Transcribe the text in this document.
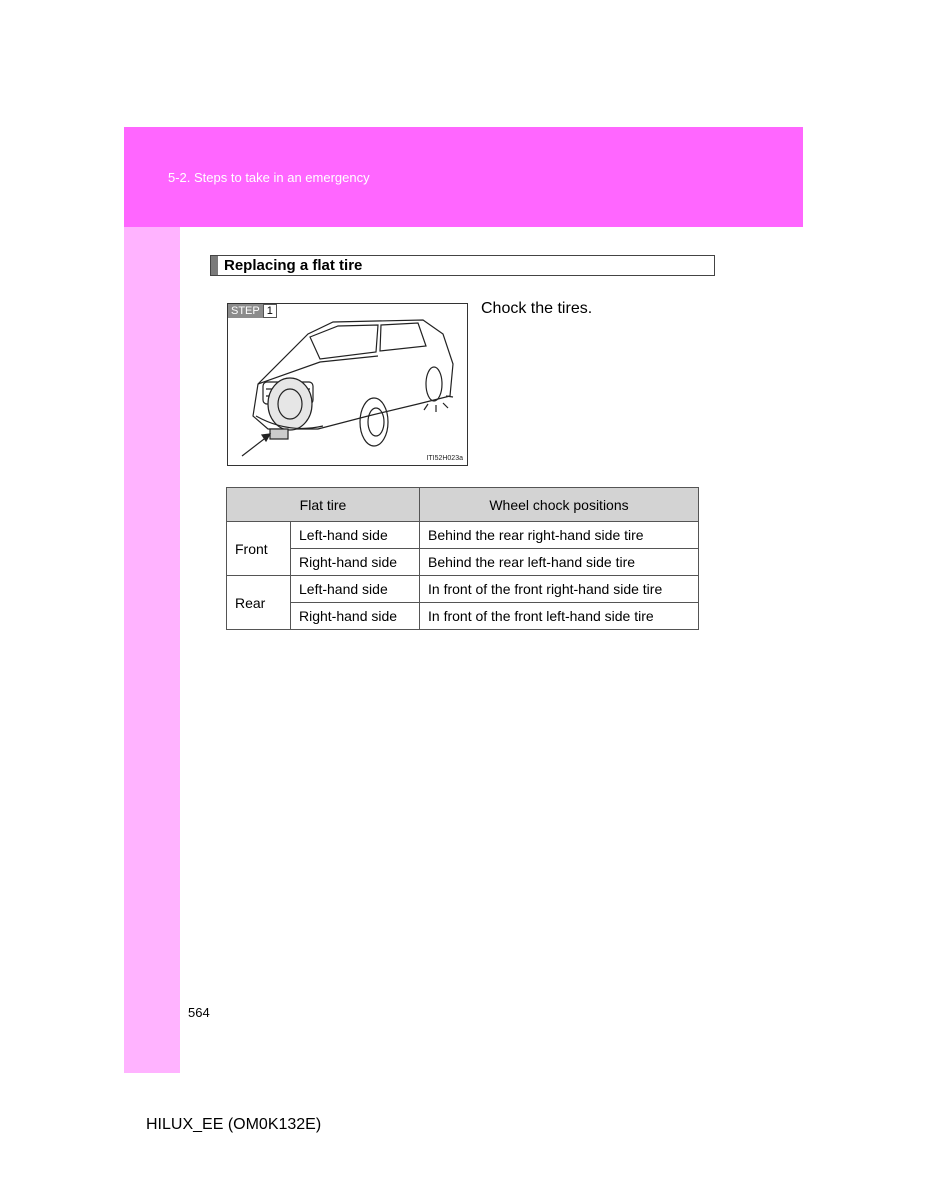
5-2. Steps to take in an emergency
Replacing a flat tire
STEP 1
ITI52H023a
Chock the tires.
Flat tire		Wheel chock positions
Front	Left-hand side	Behind the rear right-hand side tire
	Right-hand side	Behind the rear left-hand side tire
Rear	Left-hand side	In front of the front right-hand side tire
	Right-hand side	In front of the front left-hand side tire
564
HILUX_EE (OM0K132E)
